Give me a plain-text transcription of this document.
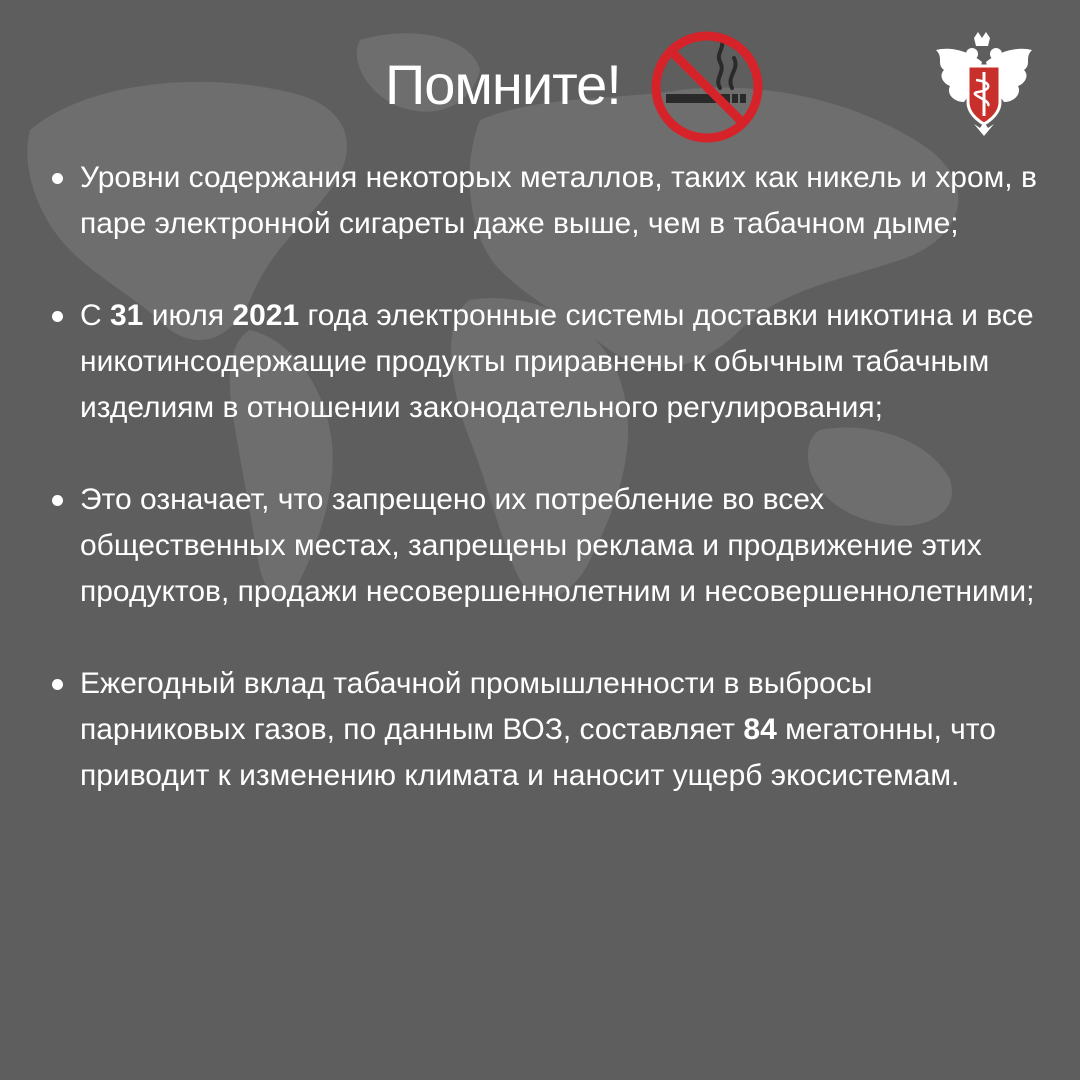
Помните!
Уровни содержания некоторых металлов, таких как никель и хром, в паре электронной сигареты даже выше, чем в табачном дыме;
С 31 июля 2021 года электронные системы доставки никотина и все никотинсодержащие продукты приравнены к обычным табачным изделиям в отношении законодательного регулирования;
Это означает, что запрещено их потребление во всех общественных местах, запрещены реклама и продвижение этих продуктов, продажи несовершеннолетним и несовершеннолетними;
Ежегодный вклад табачной промышленности в выбросы парниковых газов, по данным ВОЗ, составляет 84 мегатонны, что приводит к изменению климата и наносит ущерб экосистемам.
